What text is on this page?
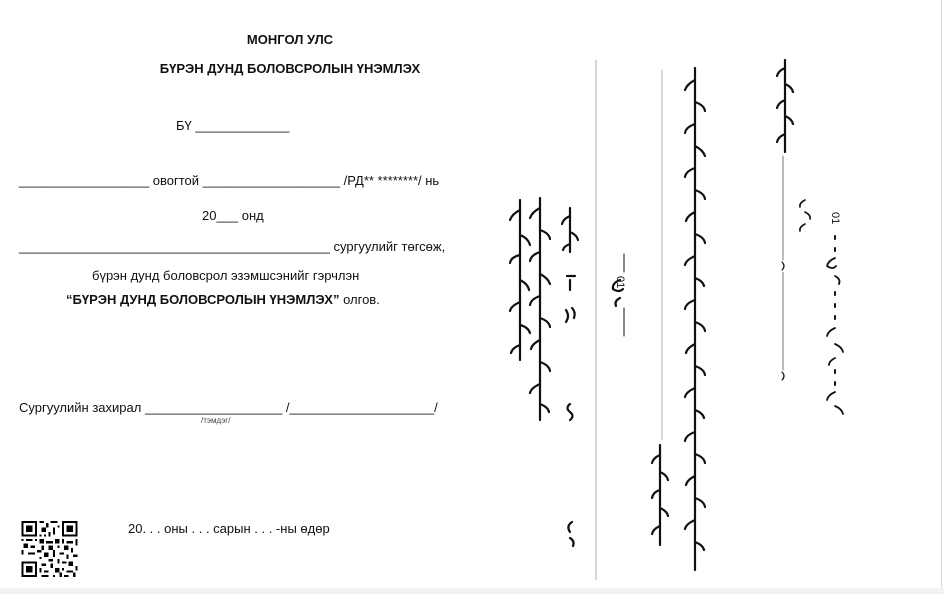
МОНГОЛ УЛС
БҮРЭН ДУНД БОЛОВСРОЛЫН ҮНЭМЛЭХ
БҮ _____________
__________________ овогтой ___________________ /РД** ********/ нь
20___ онд
___________________________________________ сургуулийг төгсөж,
бүрэн дунд боловсрол эзэмшсэнийг гэрчлэн
“БҮРЭН ДУНД БОЛОВСРОЛЫН ҮНЭМЛЭХ” олгов.
Сургуулийн захирал ___________________ /____________________/
/тэмдэг/
20. . . оны . . . сарын . . . -ны өдөр
01
01
